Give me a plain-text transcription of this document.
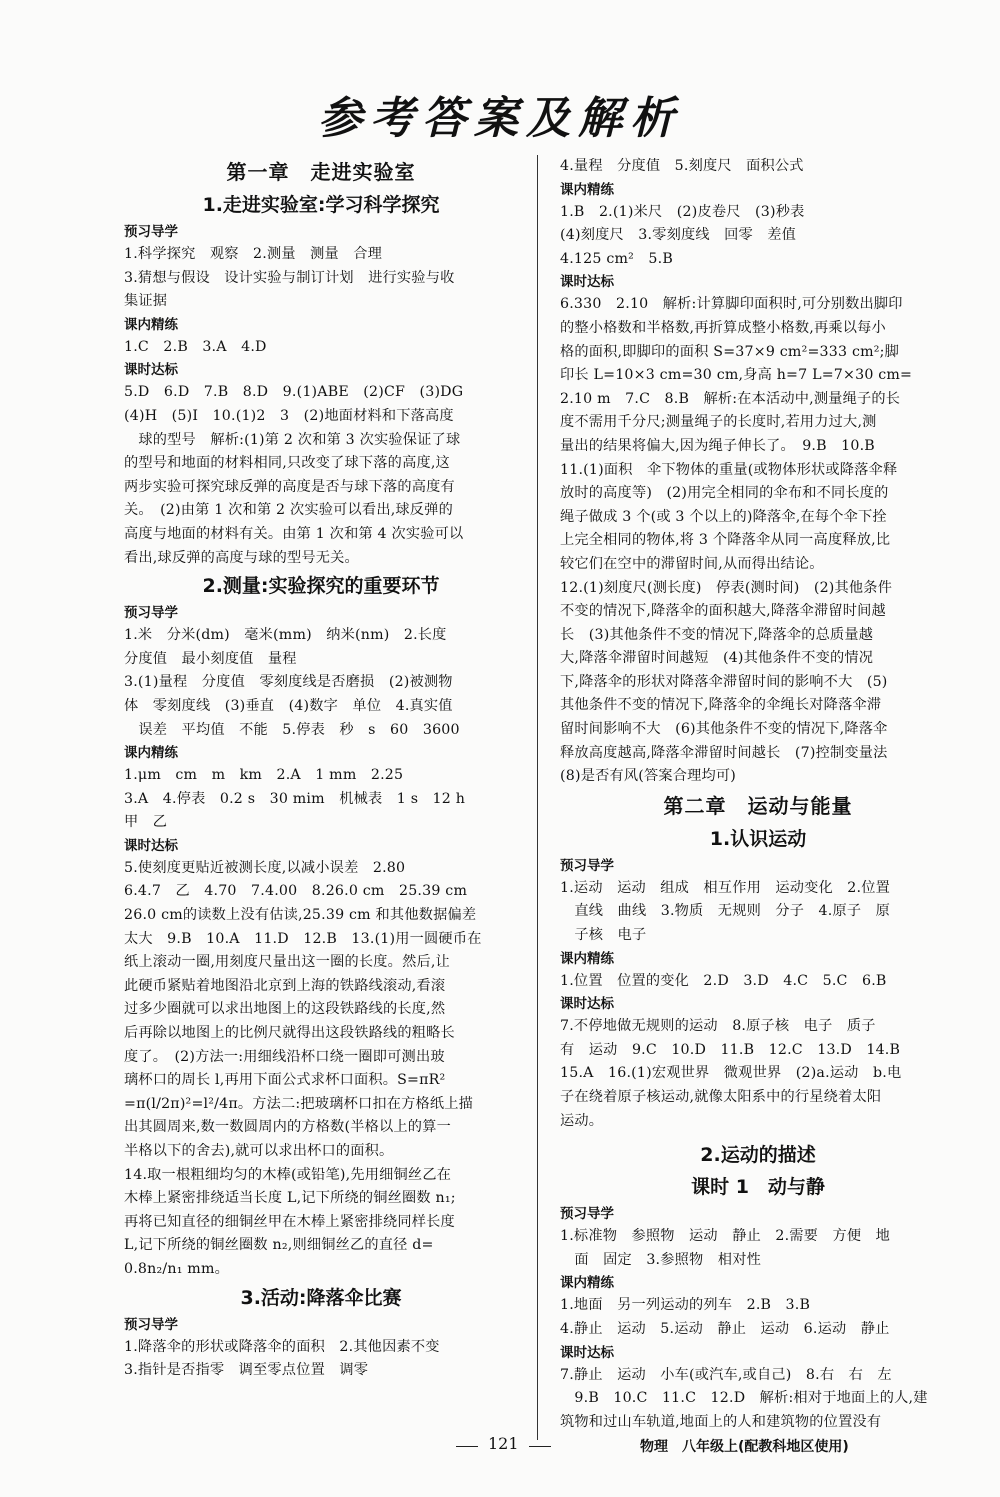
参考答案及解析
第一章　走进实验室
1.走进实验室:学习科学探究
预习导学
1.科学探究　观察　2.测量　测量　合理
3.猜想与假设　设计实验与制订计划　进行实验与收
集证据
课内精练
1.C　2.B　3.A　4.D
课时达标
5.D　6.D　7.B　8.D　9.(1)ABE　(2)CF　(3)DG
(4)H　(5)I　10.(1)2　3　(2)地面材料和下落高度
　球的型号　解析:(1)第 2 次和第 3 次实验保证了球
的型号和地面的材料相同,只改变了球下落的高度,这
两步实验可探究球反弹的高度是否与球下落的高度有
关。　(2)由第 1 次和第 2 次实验可以看出,球反弹的
高度与地面的材料有关。由第 1 次和第 4 次实验可以
看出,球反弹的高度与球的型号无关。
2.测量:实验探究的重要环节
预习导学
1.米　分米(dm)　毫米(mm)　纳米(nm)　2.长度
分度值　最小刻度值　量程
3.(1)量程　分度值　零刻度线是否磨损　(2)被测物
体　零刻度线　(3)垂直　(4)数字　单位　4.真实值
　误差　平均值　不能　5.停表　秒　s　60　3600
课内精练
1.μm　cm　m　km　2.A　1 mm　2.25
3.A　4.停表　0.2 s　30 mim　机械表　1 s　12 h
甲　乙
课时达标
5.使刻度更贴近被测长度,以减小误差　2.80
6.4.7　乙　4.70　7.4.00　8.26.0 cm　25.39 cm
26.0 cm的读数上没有估读,25.39 cm 和其他数据偏差
太大　9.B　10.A　11.D　12.B　13.(1)用一圆硬币在
纸上滚动一圈,用刻度尺量出这一圈的长度。然后,让
此硬币紧贴着地图沿北京到上海的铁路线滚动,看滚
过多少圈就可以求出地图上的这段铁路线的长度,然
后再除以地图上的比例尺就得出这段铁路线的粗略长
度了。　(2)方法一:用细线沿杯口绕一圈即可测出玻
璃杯口的周长 l,再用下面公式求杯口面积。S=πR²
=π(l/2π)²=l²/4π。方法二:把玻璃杯口扣在方格纸上描
出其圆周来,数一数圆周内的方格数(半格以上的算一
半格以下的舍去),就可以求出杯口的面积。
14.取一根粗细均匀的木棒(或铅笔),先用细铜丝乙在
木棒上紧密排绕适当长度 L,记下所绕的铜丝圈数 n₁;
再将已知直径的细铜丝甲在木棒上紧密排绕同样长度
L,记下所绕的铜丝圈数 n₂,则细铜丝乙的直径 d=
0.8n₂/n₁ mm。
3.活动:降落伞比赛
预习导学
1.降落伞的形状或降落伞的面积　2.其他因素不变
3.指针是否指零　调至零点位置　调零
4.量程　分度值　5.刻度尺　面积公式
课内精练
1.B　2.(1)米尺　(2)皮卷尺　(3)秒表
(4)刻度尺　3.零刻度线　回零　差值
4.125 cm²　5.B
课时达标
6.330　2.10　解析:计算脚印面积时,可分别数出脚印
的整小格数和半格数,再折算成整小格数,再乘以每小
格的面积,即脚印的面积 S=37×9 cm²=333 cm²;脚
印长 L=10×3 cm=30 cm,身高 h=7 L=7×30 cm=
2.10 m　7.C　8.B　解析:在本活动中,测量绳子的长
度不需用千分尺;测量绳子的长度时,若用力过大,测
量出的结果将偏大,因为绳子伸长了。　9.B　10.B
11.(1)面积　伞下物体的重量(或物体形状或降落伞释
放时的高度等)　(2)用完全相同的伞布和不同长度的
绳子做成 3 个(或 3 个以上的)降落伞,在每个伞下拴
上完全相同的物体,将 3 个降落伞从同一高度释放,比
较它们在空中的滞留时间,从而得出结论。
12.(1)刻度尺(测长度)　停表(测时间)　(2)其他条件
不变的情况下,降落伞的面积越大,降落伞滞留时间越
长　(3)其他条件不变的情况下,降落伞的总质量越
大,降落伞滞留时间越短　(4)其他条件不变的情况
下,降落伞的形状对降落伞滞留时间的影响不大　(5)
其他条件不变的情况下,降落伞的伞绳长对降落伞滞
留时间影响不大　(6)其他条件不变的情况下,降落伞
释放高度越高,降落伞滞留时间越长　(7)控制变量法
(8)是否有风(答案合理均可)
第二章　运动与能量
1.认识运动
预习导学
1.运动　运动　组成　相互作用　运动变化　2.位置
　直线　曲线　3.物质　无规则　分子　4.原子　原
　子核　电子
课内精练
1.位置　位置的变化　2.D　3.D　4.C　5.C　6.B
课时达标
7.不停地做无规则的运动　8.原子核　电子　质子
有　运动　9.C　10.D　11.B　12.C　13.D　14.B
15.A　16.(1)宏观世界　微观世界　(2)a.运动　b.电
子在绕着原子核运动,就像太阳系中的行星绕着太阳
运动。
2.运动的描述
课时 1　动与静
预习导学
1.标准物　参照物　运动　静止　2.需要　方便　地
　面　固定　3.参照物　相对性
课内精练
1.地面　另一列运动的列车　2.B　3.B
4.静止　运动　5.运动　静止　运动　6.运动　静止
课时达标
7.静止　运动　小车(或汽车,或自己)　8.右　右　左
　9.B　10.C　11.C　12.D　解析:相对于地面上的人,建
筑物和过山车轨道,地面上的人和建筑物的位置没有
121	物理　八年级上(配教科地区使用)
